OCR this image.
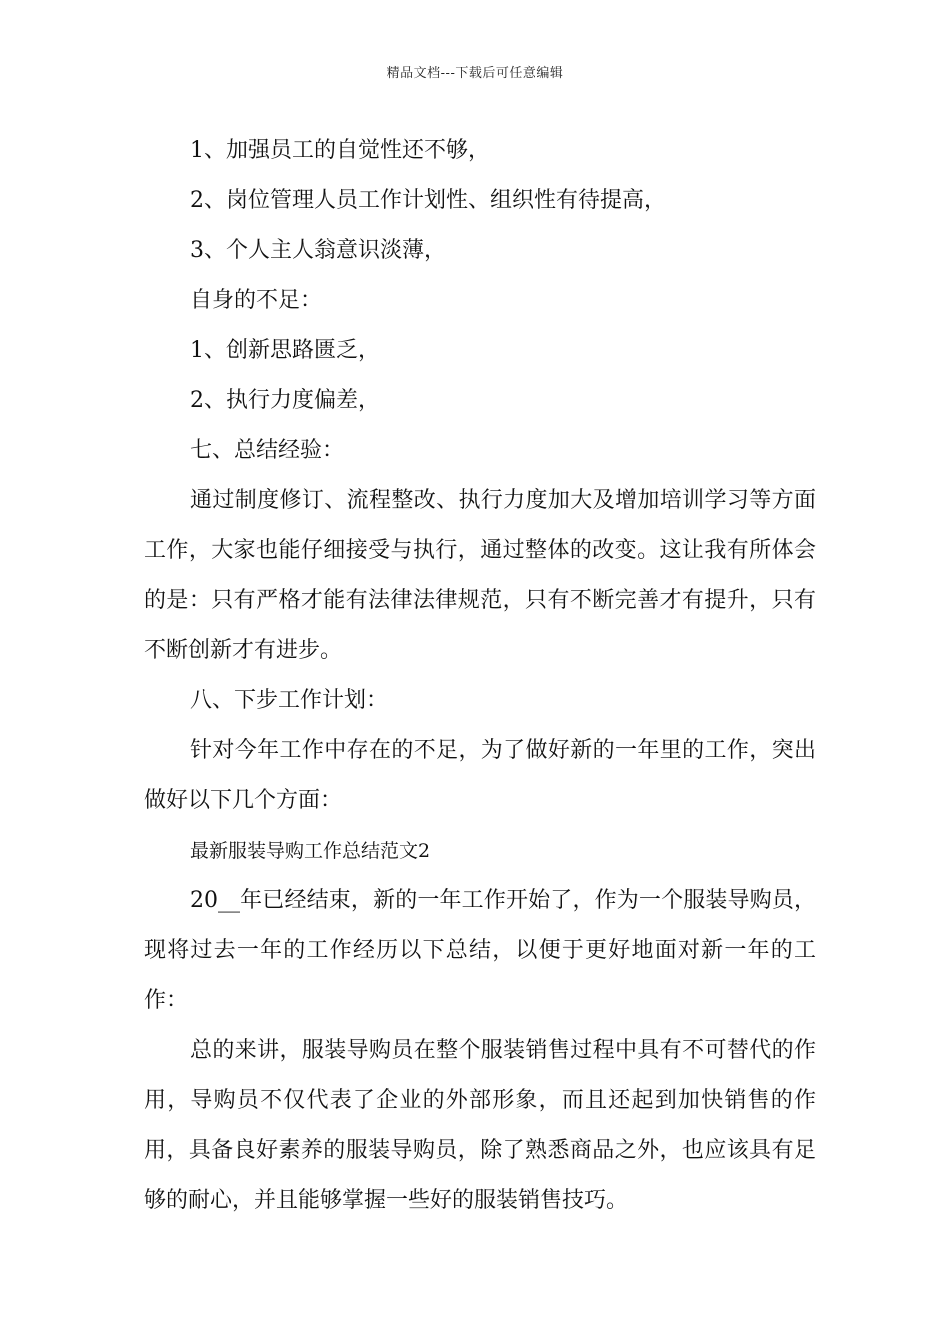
精品文档---下载后可任意编辑

1、加强员工的自觉性还不够，

2、岗位管理人员工作计划性、组织性有待提高，

3、个人主人翁意识淡薄，

自身的不足：

1、创新思路匮乏，

2、执行力度偏差，

七、总结经验：

通过制度修订、流程整改、执行力度加大及增加培训学习等方面工作，大家也能仔细接受与执行，通过整体的改变。这让我有所体会的是：只有严格才能有法律法律规范，只有不断完善才有提升，只有不断创新才有进步。

八、下步工作计划：

针对今年工作中存在的不足，为了做好新的一年里的工作，突出做好以下几个方面：

最新服装导购工作总结范文2

20__年已经结束，新的一年工作开始了，作为一个服装导购员，现将过去一年的工作经历以下总结，以便于更好地面对新一年的工作：

总的来讲，服装导购员在整个服装销售过程中具有不可替代的作用，导购员不仅代表了企业的外部形象，而且还起到加快销售的作用，具备良好素养的服装导购员，除了熟悉商品之外，也应该具有足够的耐心，并且能够掌握一些好的服装销售技巧。
